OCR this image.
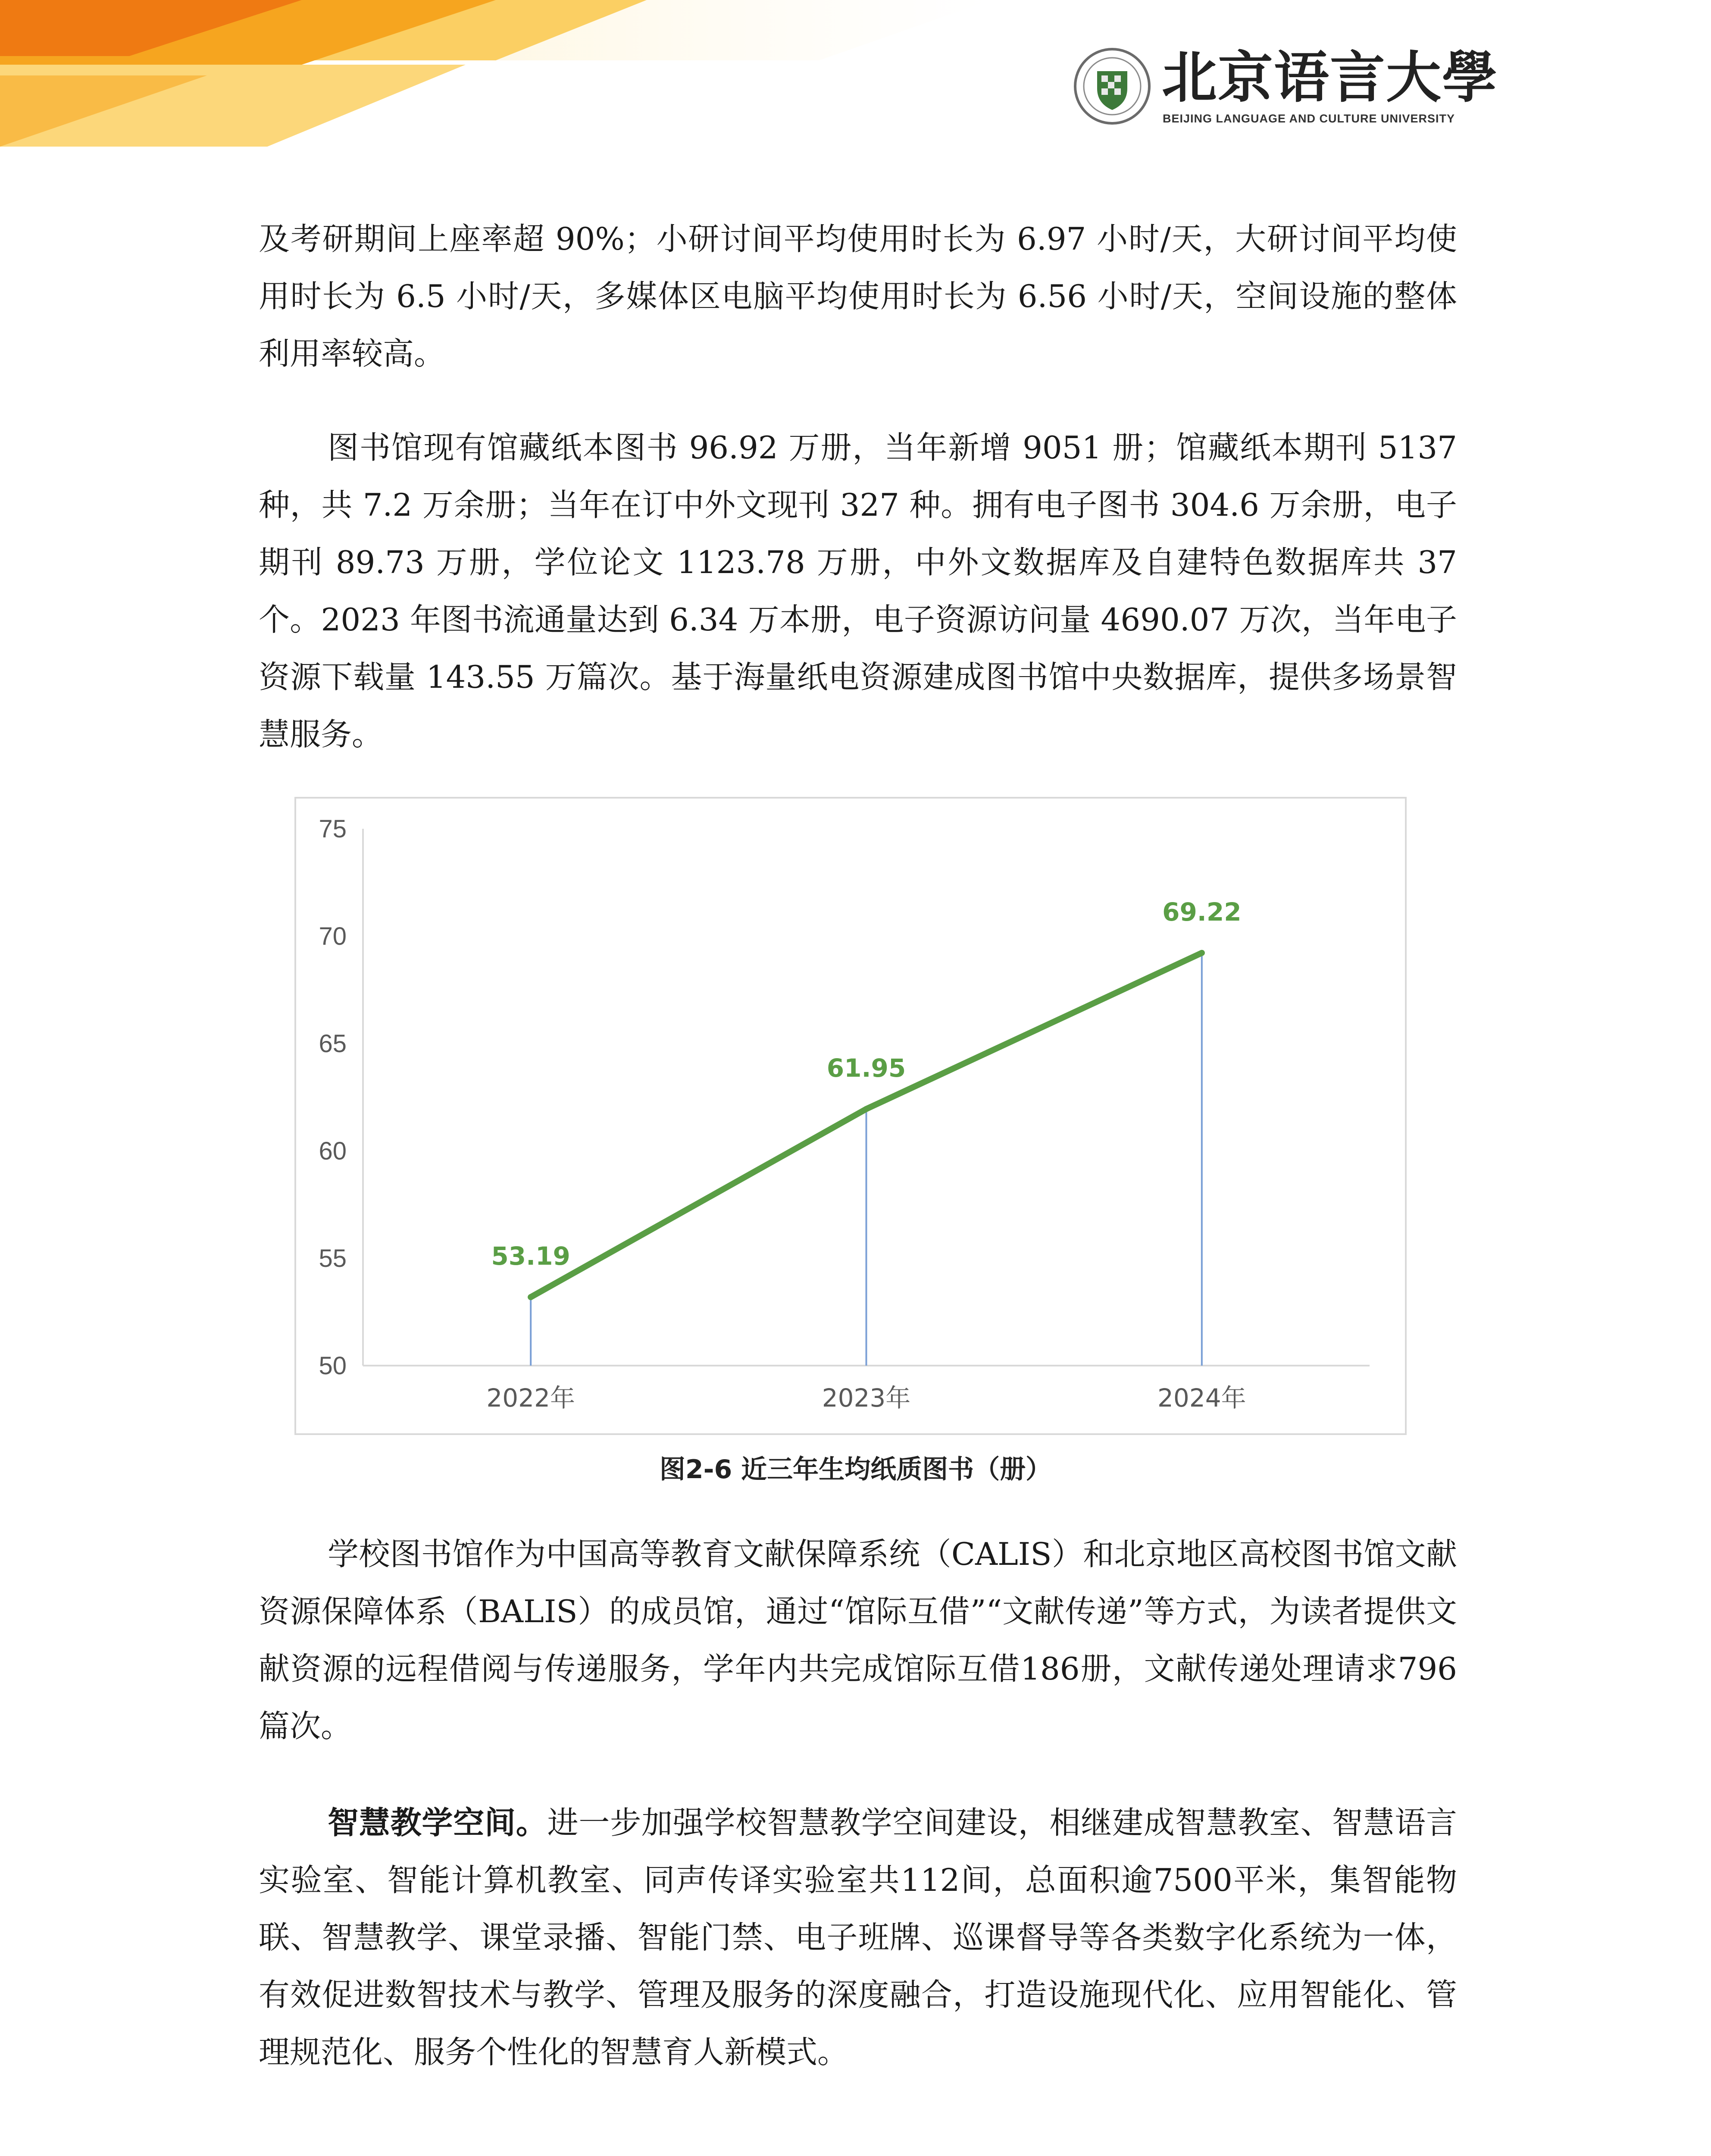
北京语言大學
BEIJING LANGUAGE AND CULTURE UNIVERSITY

及考研期间上座率超 90%；小研讨间平均使用时长为 6.97 小时/天，大研讨间平均使用时长为 6.5 小时/天，多媒体区电脑平均使用时长为 6.56 小时/天，空间设施的整体利用率较高。

图书馆现有馆藏纸本图书 96.92 万册，当年新增 9051 册；馆藏纸本期刊 5137 种，共 7.2 万余册；当年在订中外文现刊 327 种。拥有电子图书 304.6 万余册，电子期刊 89.73 万册，学位论文 1123.78 万册，中外文数据库及自建特色数据库共 37 个。2023 年图书流通量达到 6.34 万本册，电子资源访问量 4690.07 万次，当年电子资源下载量 143.55 万篇次。基于海量纸电资源建成图书馆中央数据库，提供多场景智慧服务。

50
55
60
65
70
75
2022年	2023年	2024年
53.19
61.95
69.22
图2-6 近三年生均纸质图书（册）

学校图书馆作为中国高等教育文献保障系统（CALIS）和北京地区高校图书馆文献资源保障体系（BALIS）的成员馆，通过“馆际互借”“文献传递”等方式，为读者提供文献资源的远程借阅与传递服务，学年内共完成馆际互借186册，文献传递处理请求796篇次。

智慧教学空间。进一步加强学校智慧教学空间建设，相继建成智慧教室、智慧语言实验室、智能计算机教室、同声传译实验室共112间，总面积逾7500平米，集智能物联、智慧教学、课堂录播、智能门禁、电子班牌、巡课督导等各类数字化系统为一体，有效促进数智技术与教学、管理及服务的深度融合，打造设施现代化、应用智能化、管理规范化、服务个性化的智慧育人新模式。
